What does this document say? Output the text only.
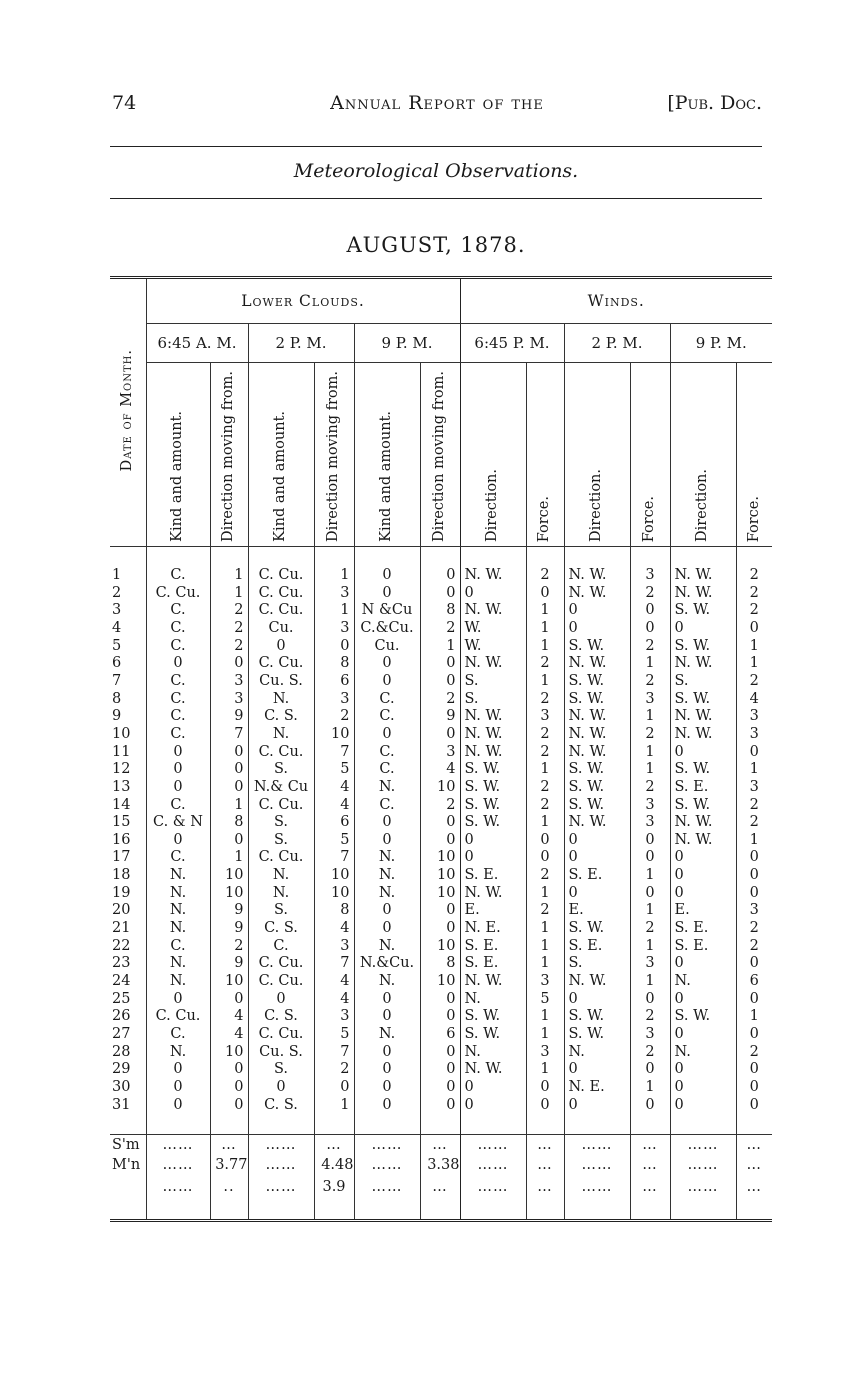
74	Annual Report of the	[Pub. Doc.
Meteorological Observations.
AUGUST, 1878.
Date of Month.	Lower Clouds.						Winds.					
	6:45 A. M.		2 P. M.		9 P. M.		6:45 P. M.		2 P. M.		9 P. M.	
	Kind and amount.	Direction moving from.	Kind and amount.	Direction moving from.	Kind and amount.	Direction moving from.	Direction.	Force.	Direction.	Force.	Direction.	Force.

1	C.	1	C. Cu.	1	0	0	N. W.	2	N. W.	3	N. W.	2
2	C. Cu.	1	C. Cu.	3	0	0	0	0	N. W.	2	N. W.	2
3	C.	2	C. Cu.	1	N &Cu	8	N. W.	1	0	0	S. W.	2
4	C.	2	Cu.	3	C.&Cu.	2	W.	1	0	0	0	0
5	C.	2	0	0	Cu.	1	W.	1	S. W.	2	S. W.	1
6	0	0	C. Cu.	8	0	0	N. W.	2	N. W.	1	N. W.	1
7	C.	3	Cu. S.	6	0	0	S.	1	S. W.	2	S.	2
8	C.	3	N.	3	C.	2	S.	2	S. W.	3	S. W.	4
9	C.	9	C. S.	2	C.	9	N. W.	3	N. W.	1	N. W.	3
10	C.	7	N.	10	0	0	N. W.	2	N. W.	2	N. W.	3
11	0	0	C. Cu.	7	C.	3	N. W.	2	N. W.	1	0	0
12	0	0	S.	5	C.	4	S. W.	1	S. W.	1	S. W.	1
13	0	0	N.& Cu	4	N.	10	S. W.	2	S. W.	2	S. E.	3
14	C.	1	C. Cu.	4	C.	2	S. W.	2	S. W.	3	S. W.	2
15	C. & N	8	S.	6	0	0	S. W.	1	N. W.	3	N. W.	2
16	0	0	S.	5	0	0	0	0	0	0	N. W.	1
17	C.	1	C. Cu.	7	N.	10	0	0	0	0	0	0
18	N.	10	N.	10	N.	10	S. E.	2	S. E.	1	0	0
19	N.	10	N.	10	N.	10	N. W.	1	0	0	0	0
20	N.	9	S.	8	0	0	E.	2	E.	1	E.	3
21	N.	9	C. S.	4	0	0	N. E.	1	S. W.	2	S. E.	2
22	C.	2	C.	3	N.	10	S. E.	1	S. E.	1	S. E.	2
23	N.	9	C. Cu.	7	N.&Cu.	8	S. E.	1	S.	3	0	0
24	N.	10	C. Cu.	4	N.	10	N. W.	3	N. W.	1	N.	6
25	0	0	0	4	0	0	N.	5	0	0	0	0
26	C. Cu.	4	C. S.	3	0	0	S. W.	1	S. W.	2	S. W.	1
27	C.	4	C. Cu.	5	N.	6	S. W.	1	S. W.	3	0	0
28	N.	10	Cu. S.	7	0	0	N.	3	N.	2	N.	2
29	0	0	S.	2	0	0	N. W.	1	0	0	0	0
30	0	0	0	0	0	0	0	0	N. E.	1	0	0
31	0	0	C. S.	1	0	0	0	0	0	0	0	0

S'm	……	…	……	…	……	…	……	…	……	…	……	…
M'n	……	3.77	……	4.48	……	3.38	……	…	……	…	……	…
	……	..	……	3.9	……	…	……	…	……	…	……	…
